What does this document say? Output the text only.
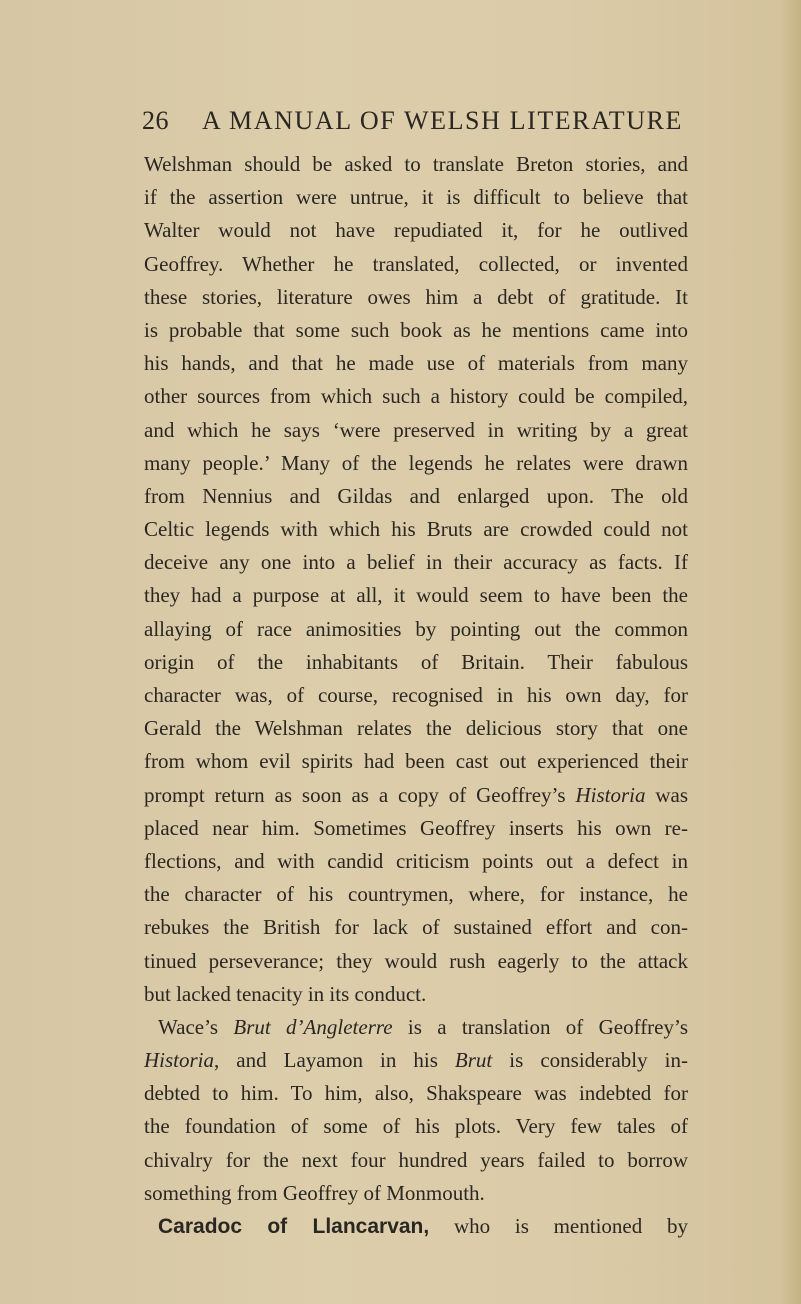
26 A MANUAL OF WELSH LITERATURE
Welshman should be asked to translate Breton stories, and
if the assertion were untrue, it is difficult to believe that
Walter would not have repudiated it, for he outlived
Geoffrey. Whether he translated, collected, or invented
these stories, literature owes him a debt of gratitude. It
is probable that some such book as he mentions came into
his hands, and that he made use of materials from many
other sources from which such a history could be compiled,
and which he says ‘were preserved in writing by a great
many people.’ Many of the legends he relates were drawn
from Nennius and Gildas and enlarged upon. The old
Celtic legends with which his Bruts are crowded could not
deceive any one into a belief in their accuracy as facts. If
they had a purpose at all, it would seem to have been the
allaying of race animosities by pointing out the common
origin of the inhabitants of Britain. Their fabulous
character was, of course, recognised in his own day, for
Gerald the Welshman relates the delicious story that one
from whom evil spirits had been cast out experienced their
prompt return as soon as a copy of Geoffrey’s Historia was
placed near him. Sometimes Geoffrey inserts his own re-
flections, and with candid criticism points out a defect in
the character of his countrymen, where, for instance, he
rebukes the British for lack of sustained effort and con-
tinued perseverance; they would rush eagerly to the attack
but lacked tenacity in its conduct.
Wace’s Brut d’Angleterre is a translation of Geoffrey’s
Historia, and Layamon in his Brut is considerably in-
debted to him. To him, also, Shakspeare was indebted for
the foundation of some of his plots. Very few tales of
chivalry for the next four hundred years failed to borrow
something from Geoffrey of Monmouth.
Caradoc of Llancarvan, who is mentioned by
